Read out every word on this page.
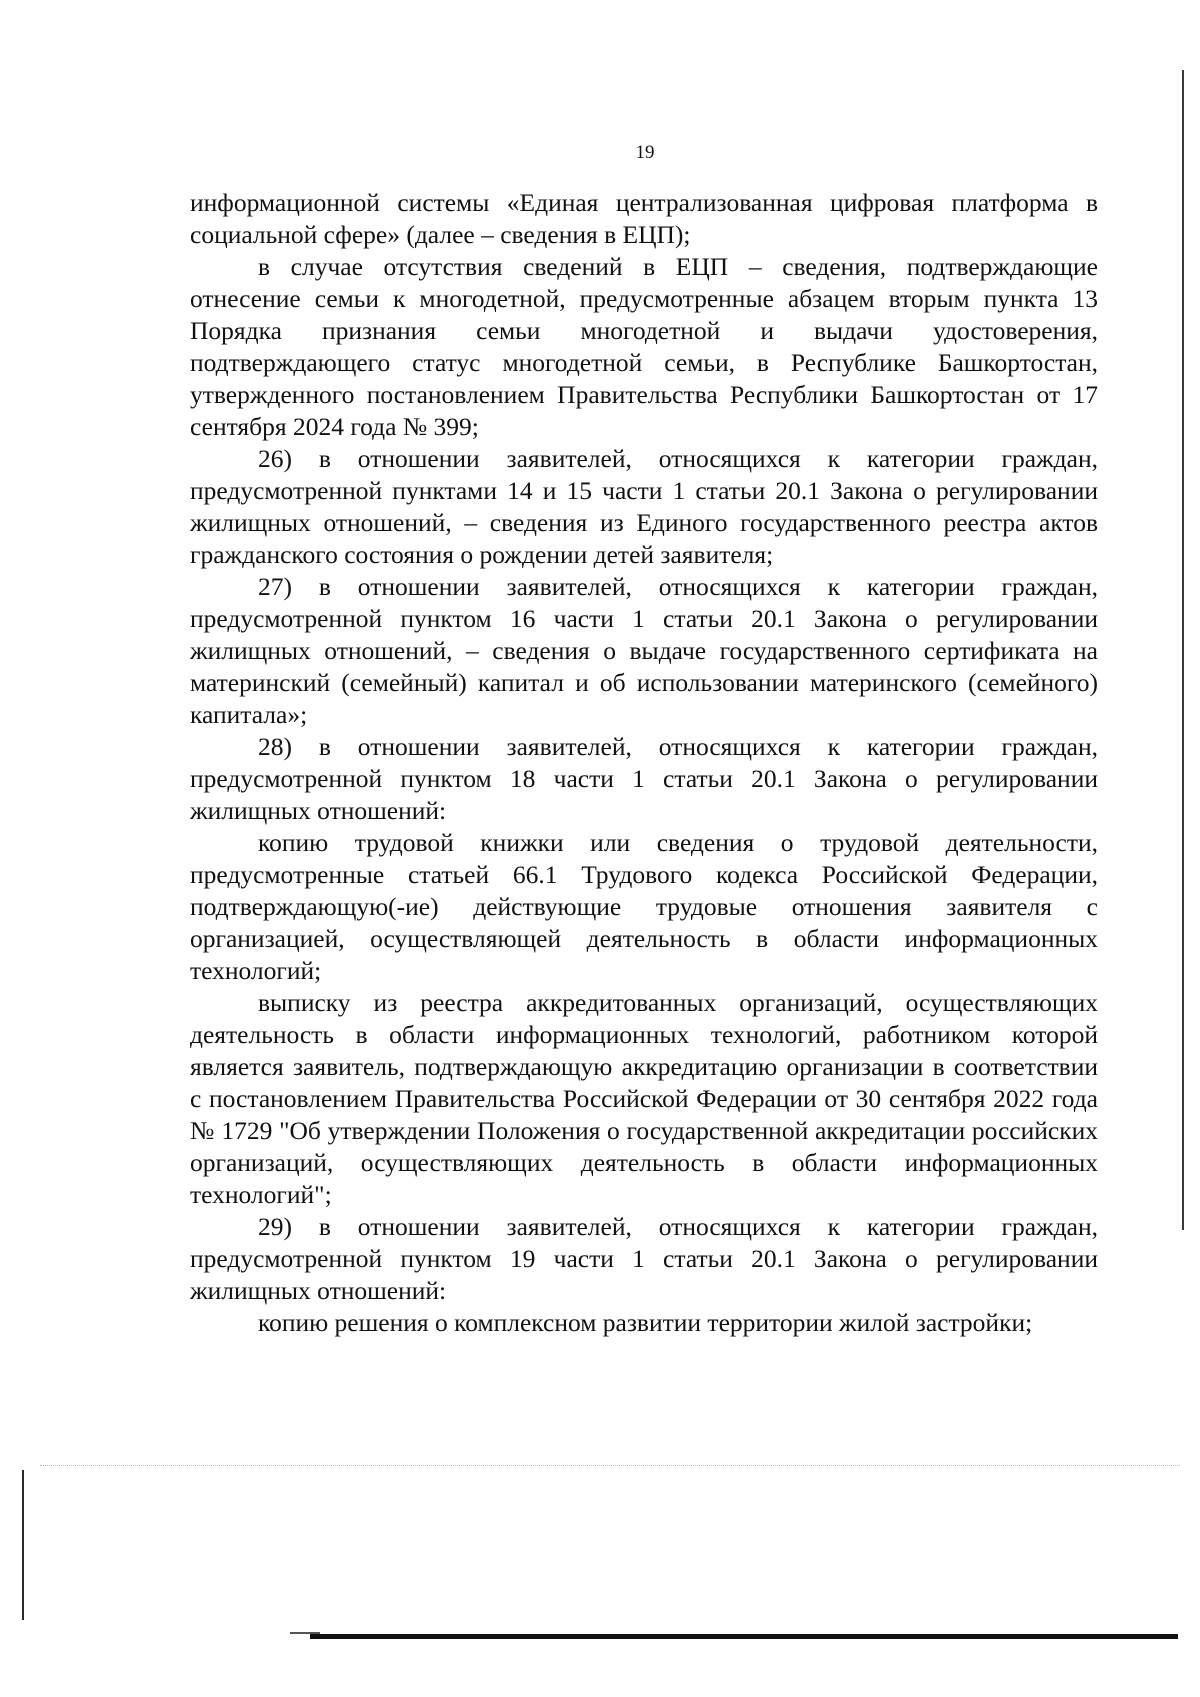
19

информационной системы «Единая централизованная цифровая платформа в социальной сфере» (далее – сведения в ЕЦП);

в случае отсутствия сведений в ЕЦП – сведения, подтверждающие отнесение семьи к многодетной, предусмотренные абзацем вторым пункта 13 Порядка признания семьи многодетной и выдачи удостоверения, подтверждающего статус многодетной семьи, в Республике Башкортостан, утвержденного постановлением Правительства Республики Башкортостан от 17 сентября 2024 года № 399;

26) в отношении заявителей, относящихся к категории граждан, предусмотренной пунктами 14 и 15 части 1 статьи 20.1 Закона о регулировании жилищных отношений, – сведения из Единого государственного реестра актов гражданского состояния о рождении детей заявителя;

27) в отношении заявителей, относящихся к категории граждан, предусмотренной пунктом 16 части 1 статьи 20.1 Закона о регулировании жилищных отношений, – сведения о выдаче государственного сертификата на материнский (семейный) капитал и об использовании материнского (семейного) капитала»;

28) в отношении заявителей, относящихся к категории граждан, предусмотренной пунктом 18 части 1 статьи 20.1 Закона о регулировании жилищных отношений:

копию трудовой книжки или сведения о трудовой деятельности, предусмотренные статьей 66.1 Трудового кодекса Российской Федерации, подтверждающую(-ие) действующие трудовые отношения заявителя с организацией, осуществляющей деятельность в области информационных технологий;

выписку из реестра аккредитованных организаций, осуществляющих деятельность в области информационных технологий, работником которой является заявитель, подтверждающую аккредитацию организации в соответствии с постановлением Правительства Российской Федерации от 30 сентября 2022 года № 1729 "Об утверждении Положения о государственной аккредитации российских организаций, осуществляющих деятельность в области информационных технологий";

29) в отношении заявителей, относящихся к категории граждан, предусмотренной пунктом 19 части 1 статьи 20.1 Закона о регулировании жилищных отношений:

копию решения о комплексном развитии территории жилой застройки;
